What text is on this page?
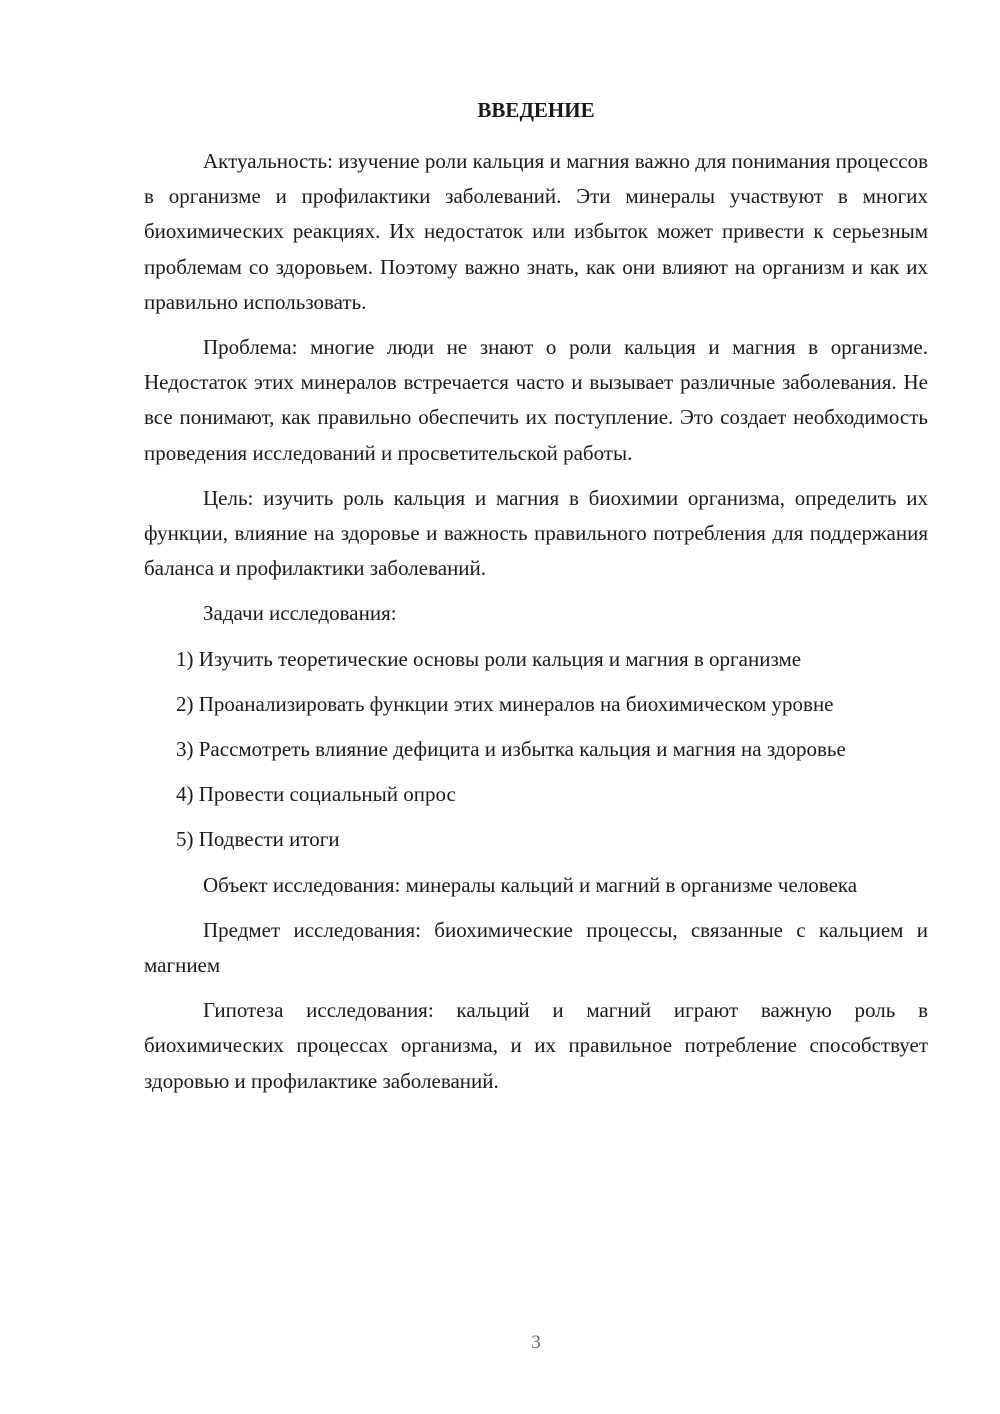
ВВЕДЕНИЕ

Актуальность: изучение роли кальция и магния важно для понимания процессов в организме и профилактики заболеваний. Эти минералы участвуют в многих биохимических реакциях. Их недостаток или избыток может привести к серьезным проблемам со здоровьем. Поэтому важно знать, как они влияют на организм и как их правильно использовать.

Проблема: многие люди не знают о роли кальция и магния в организме. Недостаток этих минералов встречается часто и вызывает различные заболевания. Не все понимают, как правильно обеспечить их поступление. Это создает необходимость проведения исследований и просветительской работы.

Цель: изучить роль кальция и магния в биохимии организма, определить их функции, влияние на здоровье и важность правильного потребления для поддержания баланса и профилактики заболеваний.

Задачи исследования:

1) Изучить теоретические основы роли кальция и магния в организме

2) Проанализировать функции этих минералов на биохимическом уровне

3) Рассмотреть влияние дефицита и избытка кальция и магния на здоровье

4) Провести социальный опрос

5) Подвести итоги

Объект исследования: минералы кальций и магний в организме человека

Предмет исследования: биохимические процессы, связанные с кальцием и магнием

Гипотеза исследования: кальций и магний играют важную роль в биохимических процессах организма, и их правильное потребление способствует здоровью и профилактике заболеваний.

3
